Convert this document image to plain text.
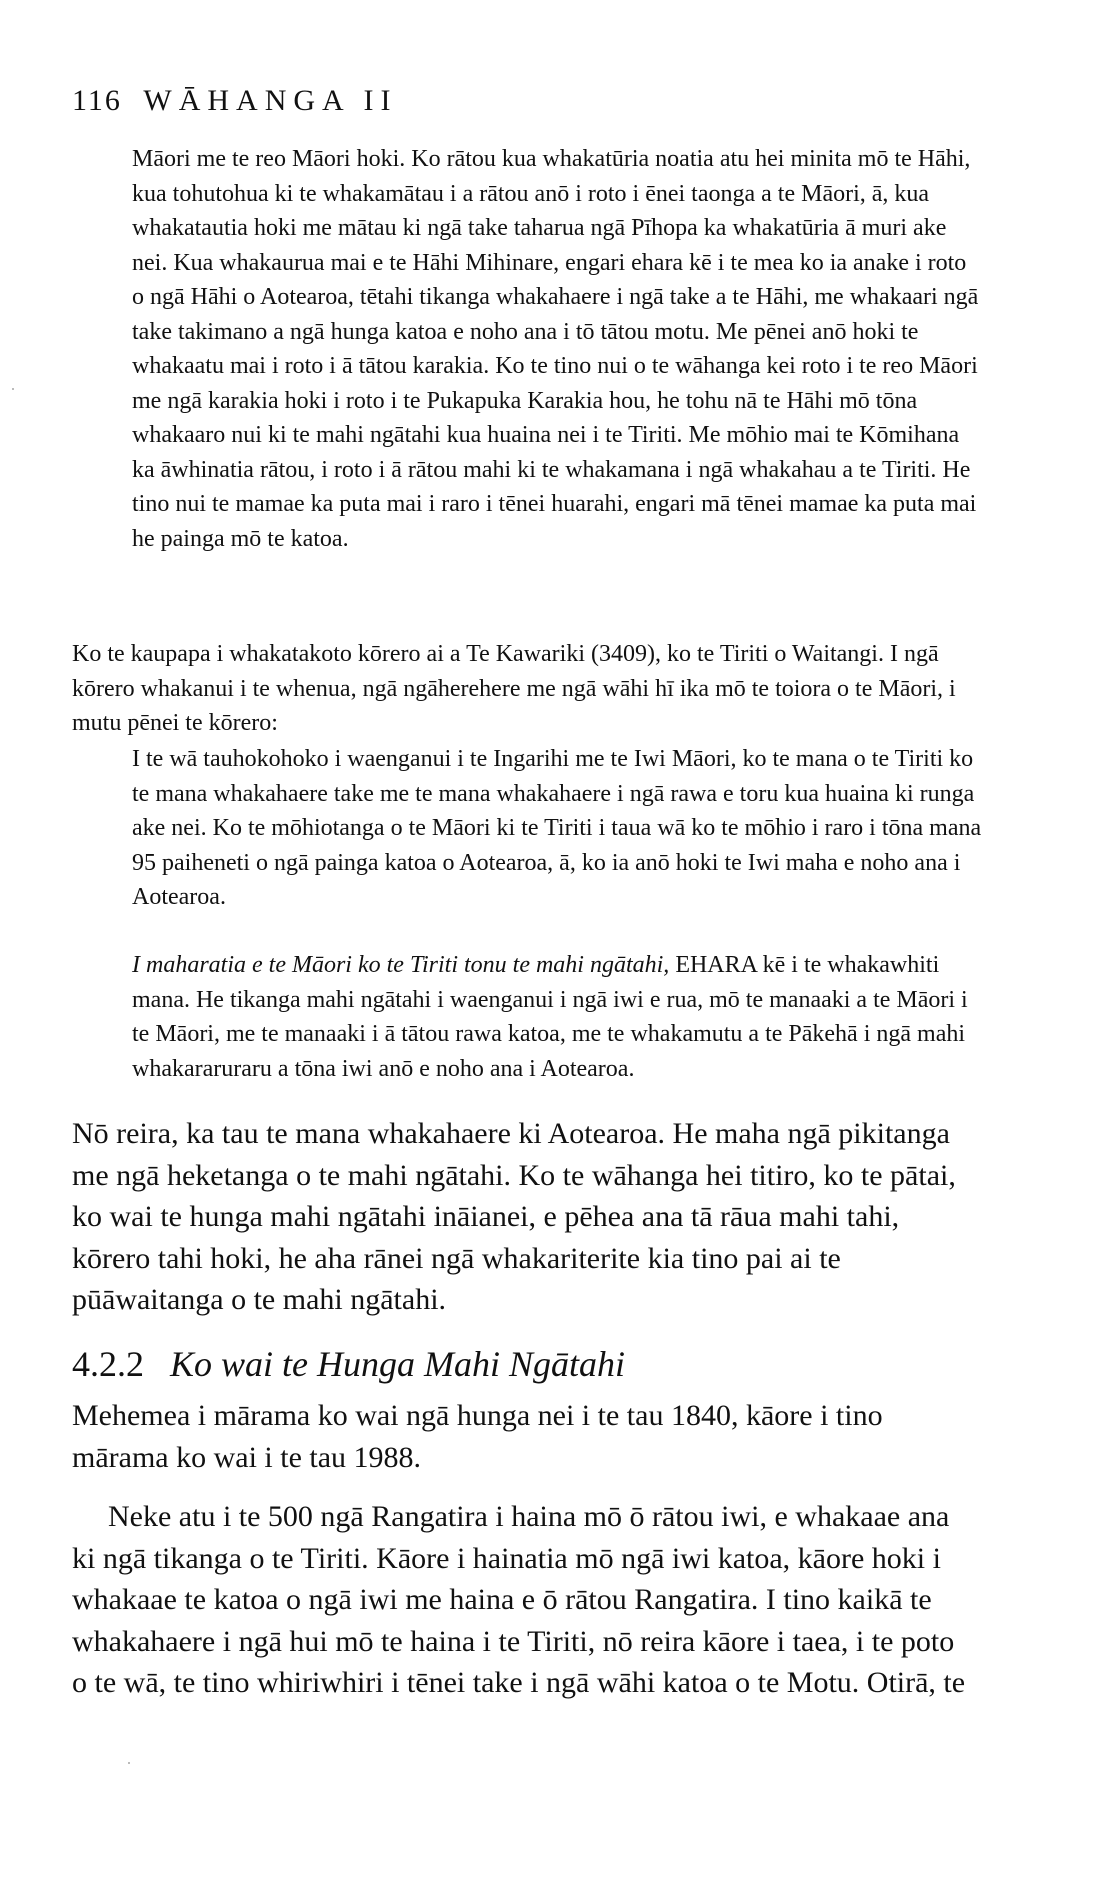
116 WĀHANGA II

Māori me te reo Māori hoki. Ko rātou kua whakatūria noatia atu hei minita mō te Hāhi, kua tohutohua ki te whakamātau i a rātou anō i roto i ēnei taonga a te Māori, ā, kua whakatautia hoki me mātau ki ngā take taharua ngā Pīhopa ka whakatūria ā muri ake nei. Kua whakaurua mai e te Hāhi Mihinare, engari ehara kē i te mea ko ia anake i roto o ngā Hāhi o Aotearoa, tētahi tikanga whakahaere i ngā take a te Hāhi, me whakaari ngā take takimano a ngā hunga katoa e noho ana i tō tātou motu. Me pēnei anō hoki te whakaatu mai i roto i ā tātou karakia. Ko te tino nui o te wāhanga kei roto i te reo Māori me ngā karakia hoki i roto i te Pukapuka Karakia hou, he tohu nā te Hāhi mō tōna whakaaro nui ki te mahi ngātahi kua huaina nei i te Tiriti. Me mōhio mai te Kōmihana ka āwhinatia rātou, i roto i ā rātou mahi ki te whakamana i ngā whakahau a te Tiriti. He tino nui te mamae ka puta mai i raro i tēnei huarahi, engari mā tēnei mamae ka puta mai he painga mō te katoa.

Ko te kaupapa i whakatakoto kōrero ai a Te Kawariki (3409), ko te Tiriti o Waitangi. I ngā kōrero whakanui i te whenua, ngā ngāherehere me ngā wāhi hī ika mō te toiora o te Māori, i mutu pēnei te kōrero:

I te wā tauhokohoko i waenganui i te Ingarihi me te Iwi Māori, ko te mana o te Tiriti ko te mana whakahaere take me te mana whakahaere i ngā rawa e toru kua huaina ki runga ake nei. Ko te mōhiotanga o te Māori ki te Tiriti i taua wā ko te mōhio i raro i tōna mana 95 paiheneti o ngā painga katoa o Aotearoa, ā, ko ia anō hoki te Iwi maha e noho ana i Aotearoa.

I maharatia e te Māori ko te Tiriti tonu te mahi ngātahi, EHARA kē i te whakawhiti mana. He tikanga mahi ngātahi i waenganui i ngā iwi e rua, mō te manaaki a te Māori i te Māori, me te manaaki i ā tātou rawa katoa, me te whakamutu a te Pākehā i ngā mahi whakararuraru a tōna iwi anō e noho ana i Aotearoa.

Nō reira, ka tau te mana whakahaere ki Aotearoa. He maha ngā pikitanga me ngā heketanga o te mahi ngātahi. Ko te wāhanga hei titiro, ko te pātai, ko wai te hunga mahi ngātahi ināianei, e pēhea ana tā rāua mahi tahi, kōrero tahi hoki, he aha rānei ngā whakariterite kia tino pai ai te pūāwaitanga o te mahi ngātahi.

4.2.2 Ko wai te Hunga Mahi Ngātahi

Mehemea i mārama ko wai ngā hunga nei i te tau 1840, kāore i tino mārama ko wai i te tau 1988.

Neke atu i te 500 ngā Rangatira i haina mō ō rātou iwi, e whakaae ana ki ngā tikanga o te Tiriti. Kāore i hainatia mō ngā iwi katoa, kāore hoki i whakaae te katoa o ngā iwi me haina e ō rātou Rangatira. I tino kaikā te whakahaere i ngā hui mō te haina i te Tiriti, nō reira kāore i taea, i te poto o te wā, te tino whiriwhiri i tēnei take i ngā wāhi katoa o te Motu. Otirā, te
